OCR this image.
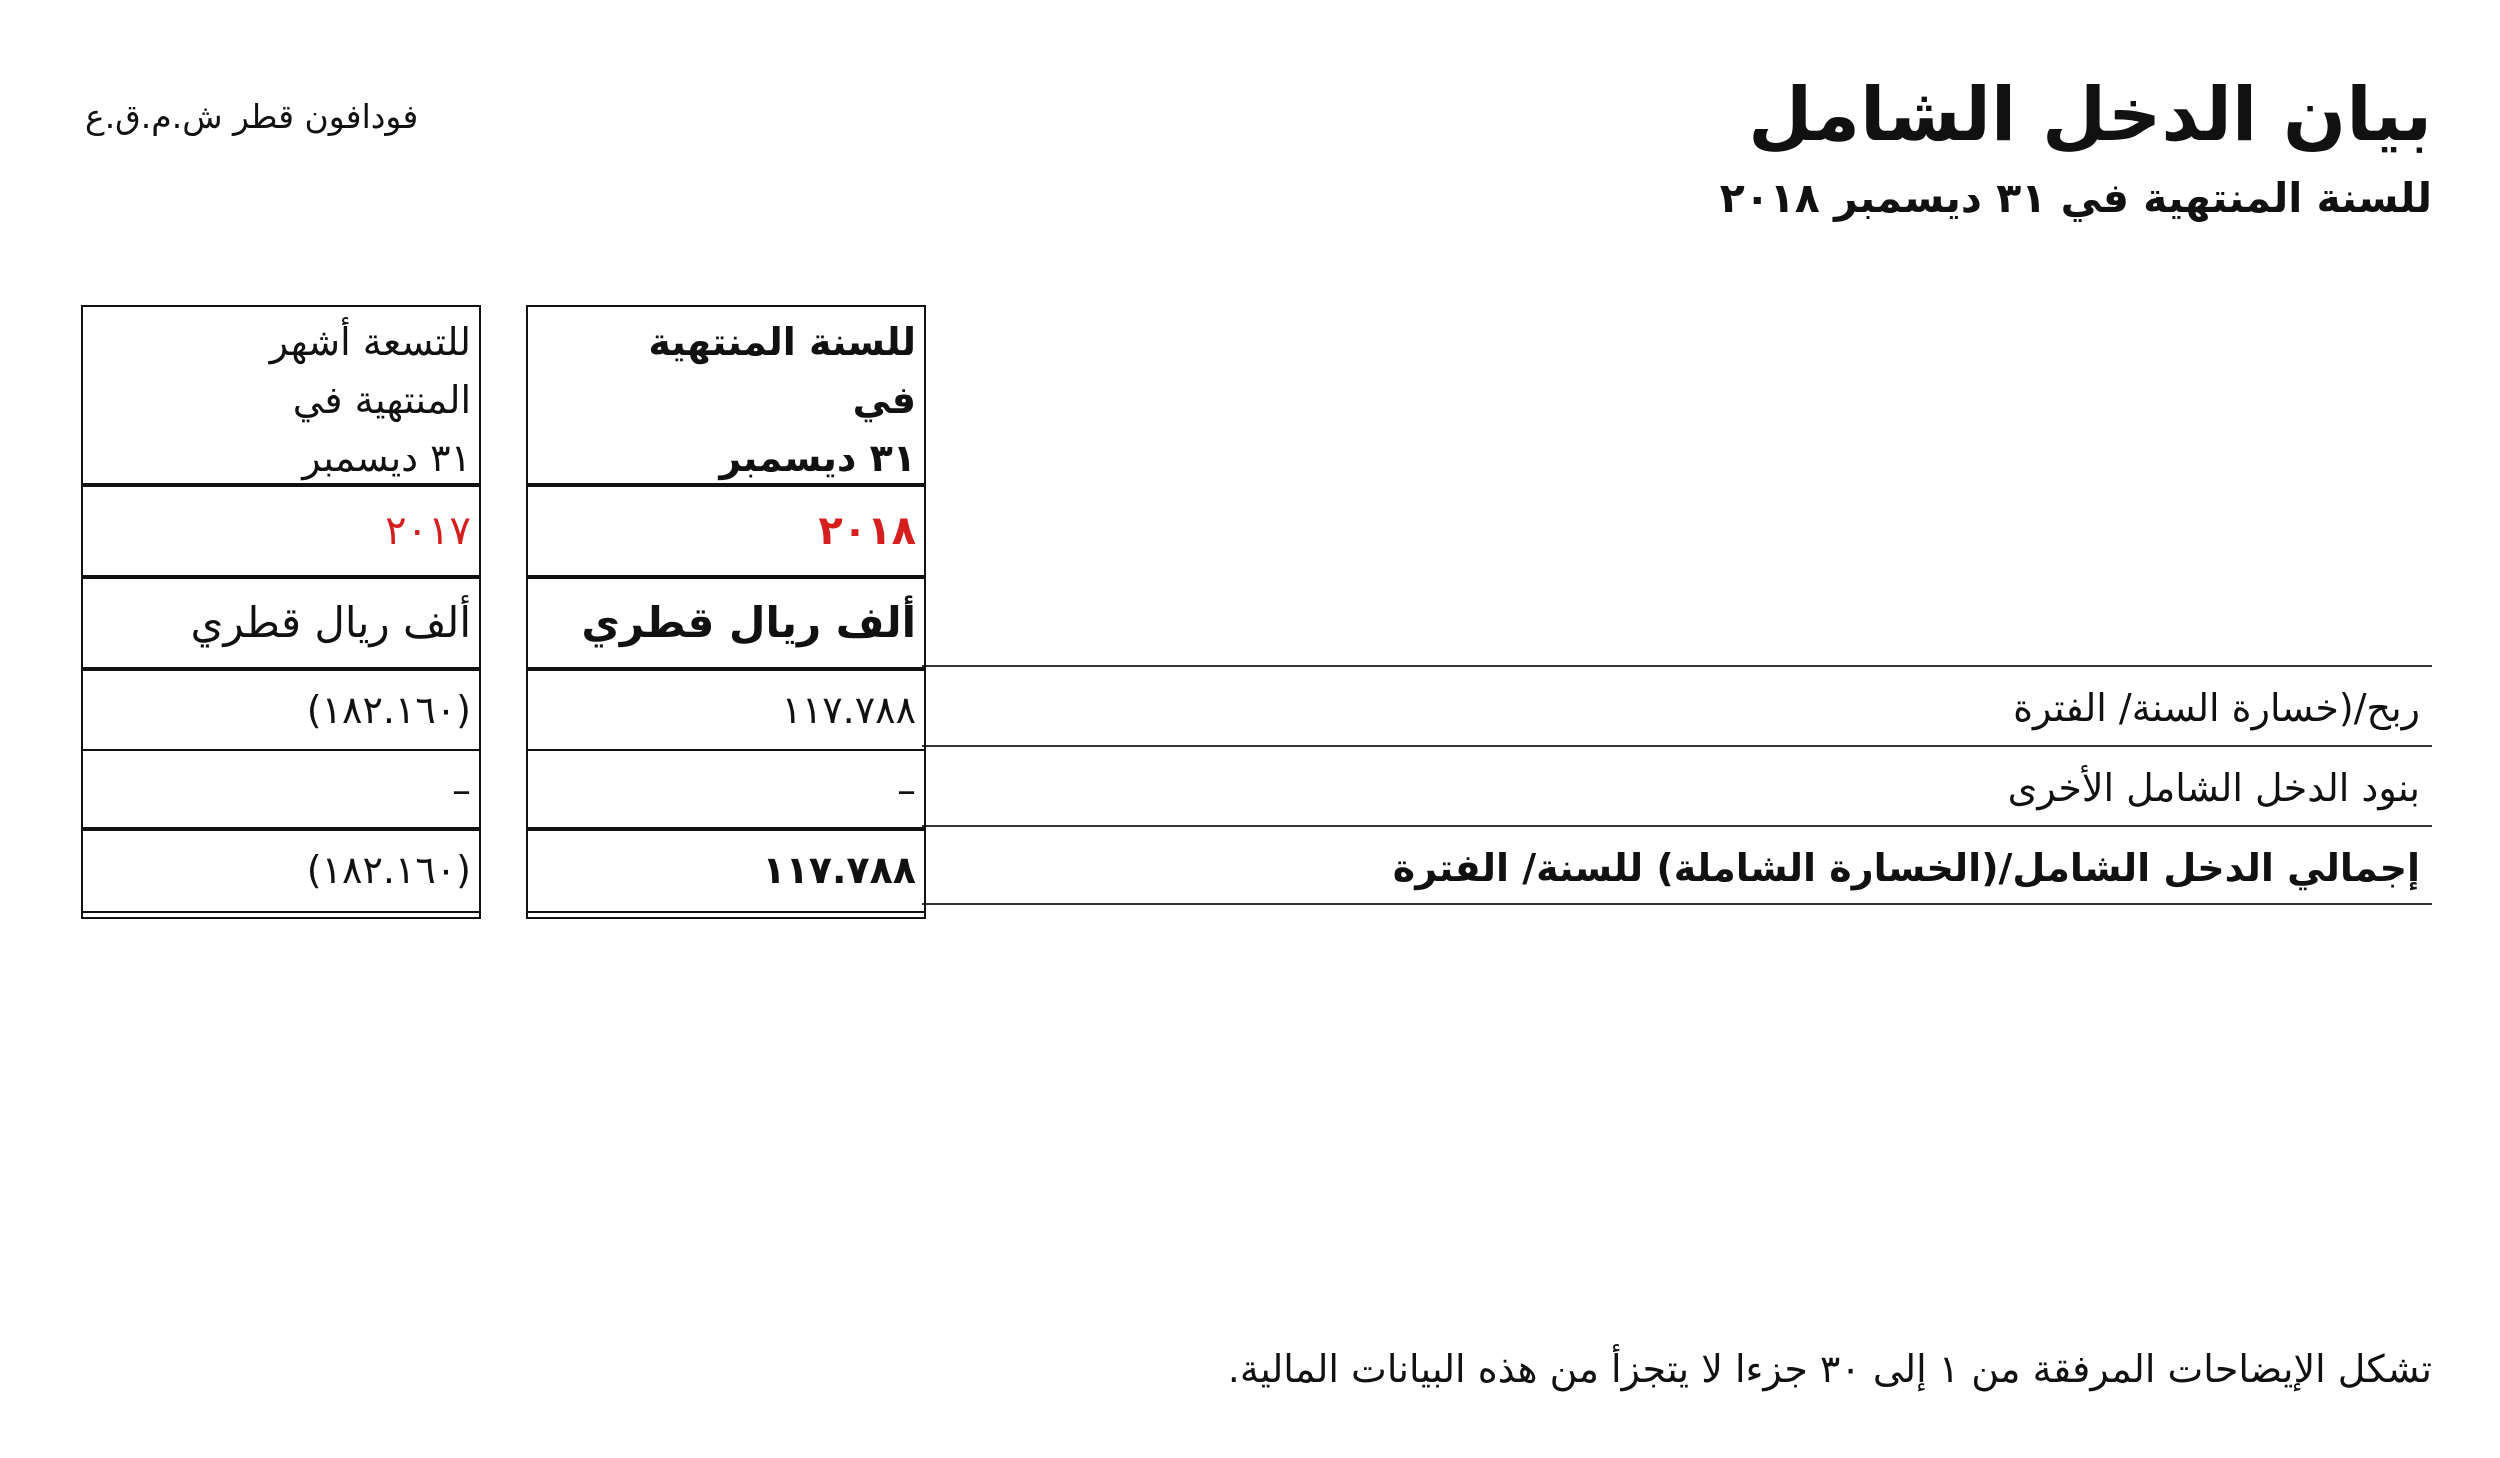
بيان الدخل الشامل
للسنة المنتهية في ٣١ ديسمبر ٢٠١٨
فودافون قطر ش.م.ق.ع
ربح/(خسارة السنة/ الفترة
بنود الدخل الشامل الأخرى
إجمالي الدخل الشامل/(الخسارة الشاملة) للسنة/ الفترة
للسنة المنتهية
في
٣١ ديسمبر
٢٠١٨
ألف ريال قطري
١١٧.٧٨٨
–
١١٧.٧٨٨
للتسعة أشهر
المنتهية في
٣١ ديسمبر
٢٠١٧
ألف ريال قطري
(١٨٢.١٦٠)
–
(١٨٢.١٦٠)
تشكل الإيضاحات المرفقة من ١ إلى ٣٠ جزءا لا يتجزأ من هذه البيانات المالية.
